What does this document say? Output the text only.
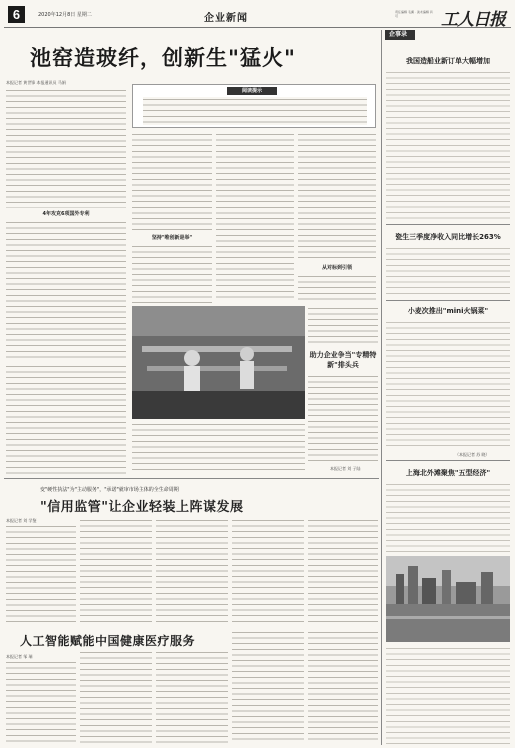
6	2020年12月8日 星期二	企业新闻
责任编辑 毛翼 · 美术编辑 肖可	工人日报
池窑造玻纤，创新生"猛火"
本报记者 黄世锋 本报通讯员 马娟
阅读提示
4年攻克6项国外专利
坚持"唯创新是举"
从对标到引领
助力企业争当"专精特新"排头兵
本报记者 刘 子陆
变"硬性执法"为"主动服务"，"承诺"就审市场主体的全生命周期
"信用监管"让企业轻装上阵谋发展
本报记者 刘 学鉴
人工智能赋能中国健康医疗服务
本报记者 邹 瑞
企事录
我国造船业新订单大幅增加
瓷生三季度净收入同比增长263%
小麦次推出"mini火锅菜"
（本报记者 苏 晓）
上海北外滩聚焦"五型经济"
